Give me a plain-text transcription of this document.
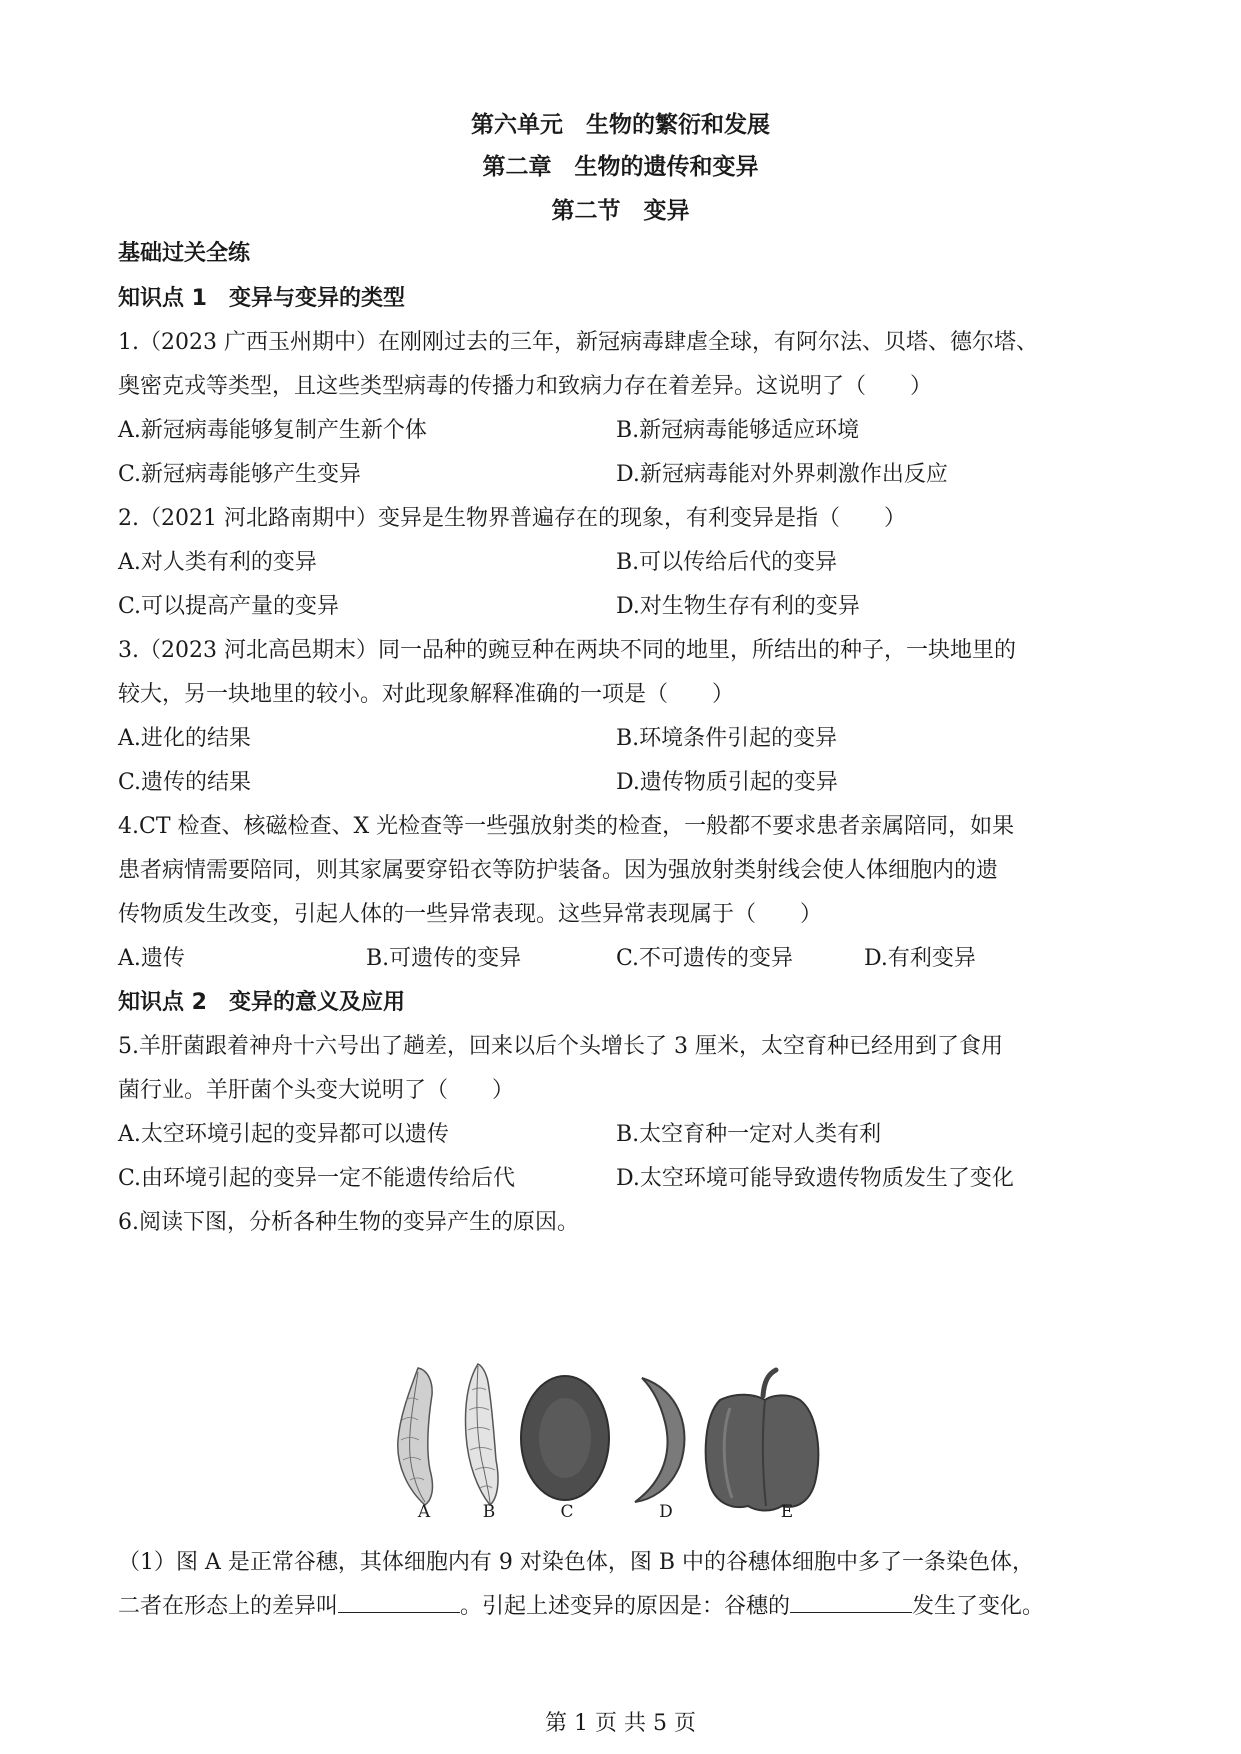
第六单元　生物的繁衍和发展
第二章　生物的遗传和变异
第二节　变异
基础过关全练
知识点 1　变异与变异的类型
1.（2023 广西玉州期中）在刚刚过去的三年，新冠病毒肆虐全球，有阿尔法、贝塔、德尔塔、
奥密克戎等类型，且这些类型病毒的传播力和致病力存在着差异。这说明了（　　）
A.新冠病毒能够复制产生新个体	B.新冠病毒能够适应环境
C.新冠病毒能够产生变异	D.新冠病毒能对外界刺激作出反应
2.（2021 河北路南期中）变异是生物界普遍存在的现象，有利变异是指（　　）
A.对人类有利的变异	B.可以传给后代的变异
C.可以提高产量的变异	D.对生物生存有利的变异
3.（2023 河北高邑期末）同一品种的豌豆种在两块不同的地里，所结出的种子，一块地里的
较大，另一块地里的较小。对此现象解释准确的一项是（　　）
A.进化的结果	B.环境条件引起的变异
C.遗传的结果	D.遗传物质引起的变异
4.CT 检查、核磁检查、X 光检查等一些强放射类的检查，一般都不要求患者亲属陪同，如果
患者病情需要陪同，则其家属要穿铅衣等防护装备。因为强放射类射线会使人体细胞内的遗
传物质发生改变，引起人体的一些异常表现。这些异常表现属于（　　）
A.遗传	B.可遗传的变异	C.不可遗传的变异	D.有利变异
知识点 2　变异的意义及应用
5.羊肝菌跟着神舟十六号出了趟差，回来以后个头增长了 3 厘米，太空育种已经用到了食用
菌行业。羊肝菌个头变大说明了（　　）
A.太空环境引起的变异都可以遗传	B.太空育种一定对人类有利
C.由环境引起的变异一定不能遗传给后代	D.太空环境可能导致遗传物质发生了变化
6.阅读下图，分析各种生物的变异产生的原因。
A	B	C	D	E
（1）图 A 是正常谷穗，其体细胞内有 9 对染色体，图 B 中的谷穗体细胞中多了一条染色体，
二者在形态上的差异叫	。引起上述变异的原因是：谷穗的	发生了变化。
第 1 页 共 5 页
